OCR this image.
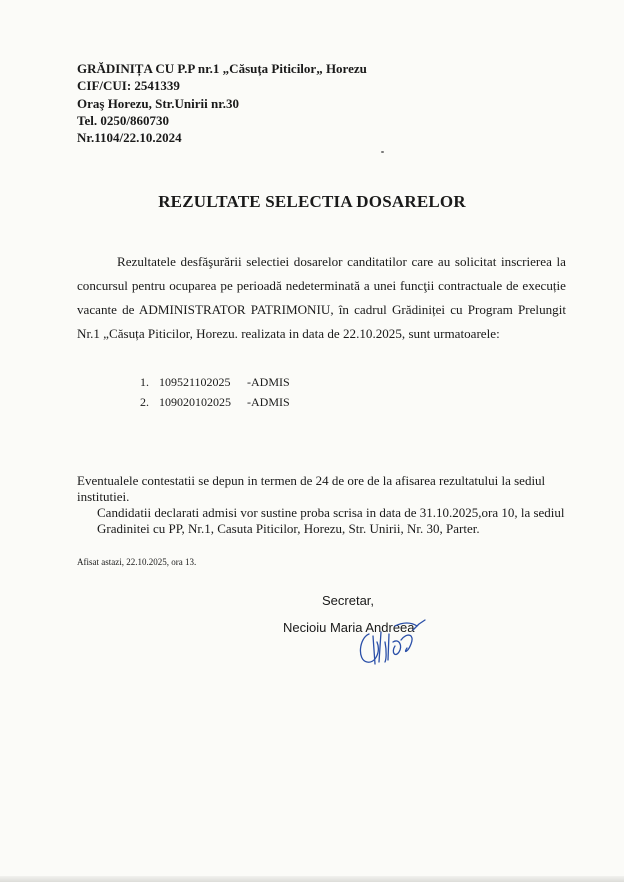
GRĂDINIȚA CU P.P nr.1 „Căsuța Piticilor„ Horezu
CIF/CUI: 2541339
Oraş Horezu, Str.Unirii nr.30
Tel. 0250/860730
Nr.1104/22.10.2024
REZULTATE SELECTIA DOSARELOR
Rezultatele desfăşurării selectiei dosarelor canditatilor care au solicitat inscrierea la concursul pentru ocuparea pe perioadă nedeterminată a unei funcţii contractuale de execuție vacante de ADMINISTRATOR PATRIMONIU, în cadrul Grădiniței cu Program Prelungit Nr.1 „Căsuța Piticilor, Horezu. realizata in data de 22.10.2025, sunt urmatoarele:
1. 109521102025	-ADMIS
2. 109020102025	-ADMIS
Eventualele contestatii se depun in termen de 24 de ore de la afisarea rezultatului la sediul institutiei.
Candidatii declarati admisi vor sustine proba scrisa in data de 31.10.2025,ora 10, la sediul Gradinitei cu PP, Nr.1, Casuta Piticilor, Horezu, Str. Unirii, Nr. 30, Parter.
Afisat astazi, 22.10.2025, ora 13.
Secretar,
Necioiu Maria Andreea
